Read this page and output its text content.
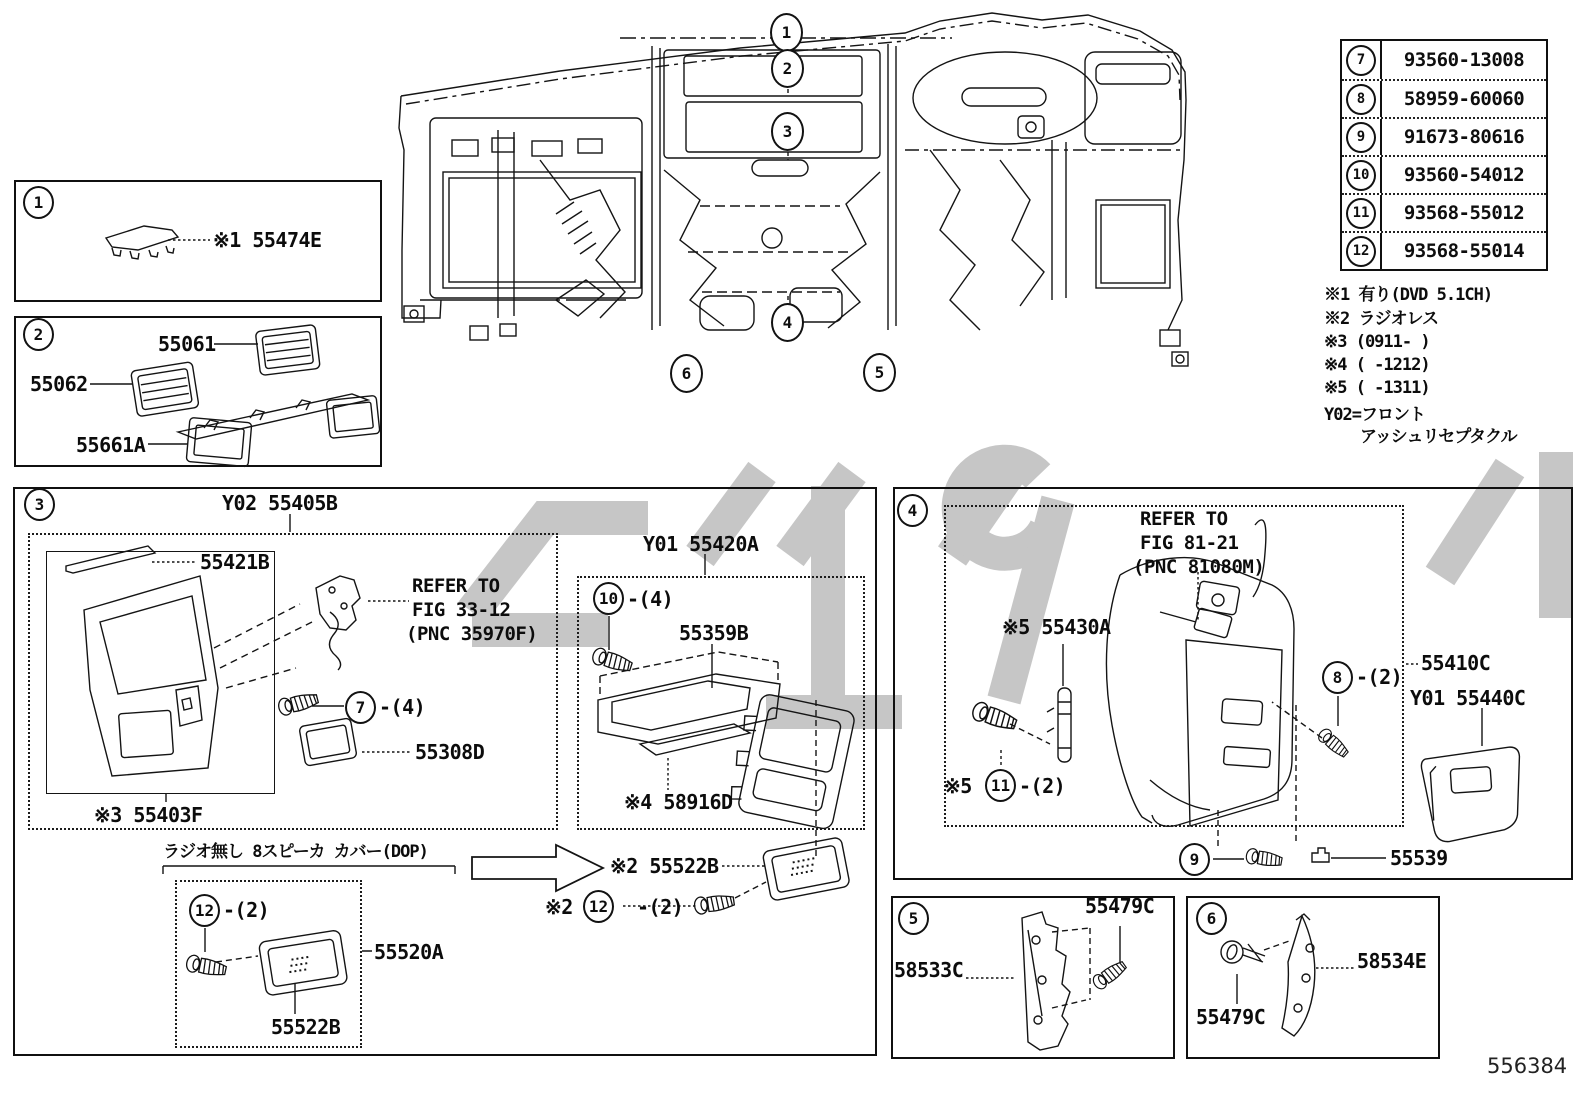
1
2
3
4
5
6
7	93560-13008
8	58959-60060
9	91673-80616
10	93560-54012
11	93568-55012
12	93568-55014
※1 有り(DVD 5.1CH)
※2 ラジオレス
※3 (0911- )
※4 ( -1212)
※5 ( -1311)
Y02=フロント
アッシュリセプタクル
1
2
3	4
5	6
※1 55474E
55061
55062
55661A
Y02 55405B
55421B
REFER TO
FIG 33-12
(PNC 35970F)
7 -(4)
55308D
※3 55403F
ラジオ無し 8スピーカ カバー(DOP)
12 -(2)
55520A
55522B
Y01 55420A
10 -(4)
55359B
※4 58916D
※2 55522B
※2 12 -(2)
REFER TO
FIG 81-21
(PNC 81080M)
※5 55430A
8 -(2)
55410C
Y01 55440C
※5 11 -(2)
9	55539
55479C
58533C	58534E
55479C
556384
